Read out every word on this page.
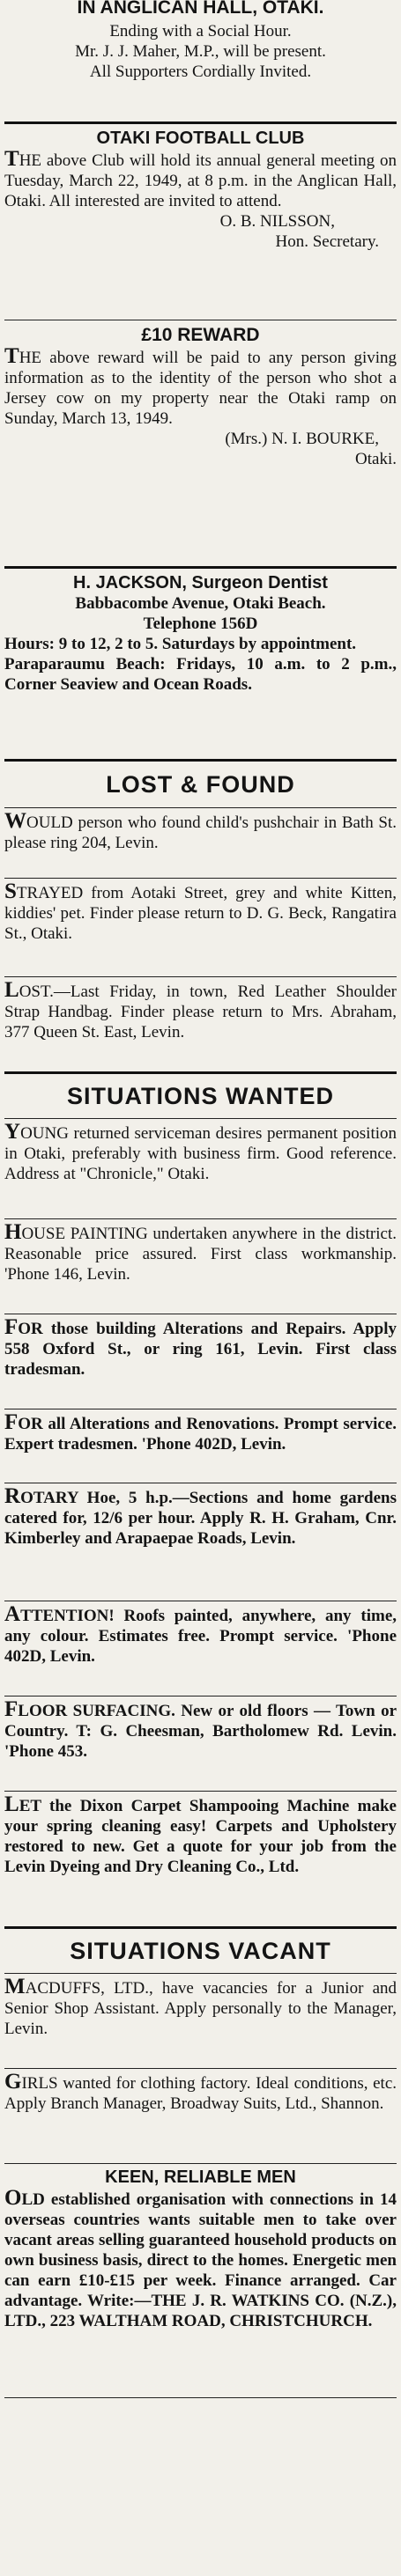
IN ANGLICAN HALL, OTAKI.
Ending with a Social Hour.
Mr. J. J. Maher, M.P., will be present.
All Supporters Cordially Invited.
OTAKI FOOTBALL CLUB
THE above Club will hold its annual general meeting on Tuesday, March 22, 1949, at 8 p.m. in the Anglican Hall, Otaki. All interested are invited to attend.
O. B. NILSSON,
Hon. Secretary.
£10 REWARD
THE above reward will be paid to any person giving information as to the identity of the person who shot a Jersey cow on my property near the Otaki ramp on Sunday, March 13, 1949.
(Mrs.) N. I. BOURKE,
Otaki.
H. JACKSON, Surgeon Dentist
Babbacombe Avenue, Otaki Beach.
Telephone 156D
Hours: 9 to 12, 2 to 5. Saturdays by appointment.
Paraparaumu Beach: Fridays, 10 a.m. to 2 p.m., Corner Seaview and Ocean Roads.
LOST & FOUND
WOULD person who found child's pushchair in Bath St. please ring 204, Levin.
STRAYED from Aotaki Street, grey and white Kitten, kiddies' pet. Finder please return to D. G. Beck, Rangatira St., Otaki.
LOST.—Last Friday, in town, Red Leather Shoulder Strap Handbag. Finder please return to Mrs. Abraham, 377 Queen St. East, Levin.
SITUATIONS WANTED
YOUNG returned serviceman desires permanent position in Otaki, preferably with business firm. Good reference. Address at "Chronicle," Otaki.
HOUSE PAINTING undertaken anywhere in the district. Reasonable price assured. First class workmanship. 'Phone 146, Levin.
FOR those building Alterations and Repairs. Apply 558 Oxford St., or ring 161, Levin. First class tradesman.
FOR all Alterations and Renovations. Prompt service. Expert tradesmen. 'Phone 402D, Levin.
ROTARY Hoe, 5 h.p.—Sections and home gardens catered for, 12/6 per hour. Apply R. H. Graham, Cnr. Kimberley and Arapaepae Roads, Levin.
ATTENTION! Roofs painted, anywhere, any time, any colour. Estimates free. Prompt service. 'Phone 402D, Levin.
FLOOR SURFACING. New or old floors — Town or Country. T: G. Cheesman, Bartholomew Rd. Levin. 'Phone 453.
LET the Dixon Carpet Shampooing Machine make your spring cleaning easy! Carpets and Upholstery restored to new. Get a quote for your job from the Levin Dyeing and Dry Cleaning Co., Ltd.
SITUATIONS VACANT
MACDUFFS, LTD., have vacancies for a Junior and Senior Shop Assistant. Apply personally to the Manager, Levin.
GIRLS wanted for clothing factory. Ideal conditions, etc. Apply Branch Manager, Broadway Suits, Ltd., Shannon.
KEEN, RELIABLE MEN
OLD established organisation with connections in 14 overseas countries wants suitable men to take over vacant areas selling guaranteed household products on own business basis, direct to the homes. Energetic men can earn £10-£15 per week. Finance arranged. Car advantage. Write:—THE J. R. WATKINS CO. (N.Z.), LTD., 223 WALTHAM ROAD, CHRISTCHURCH.
